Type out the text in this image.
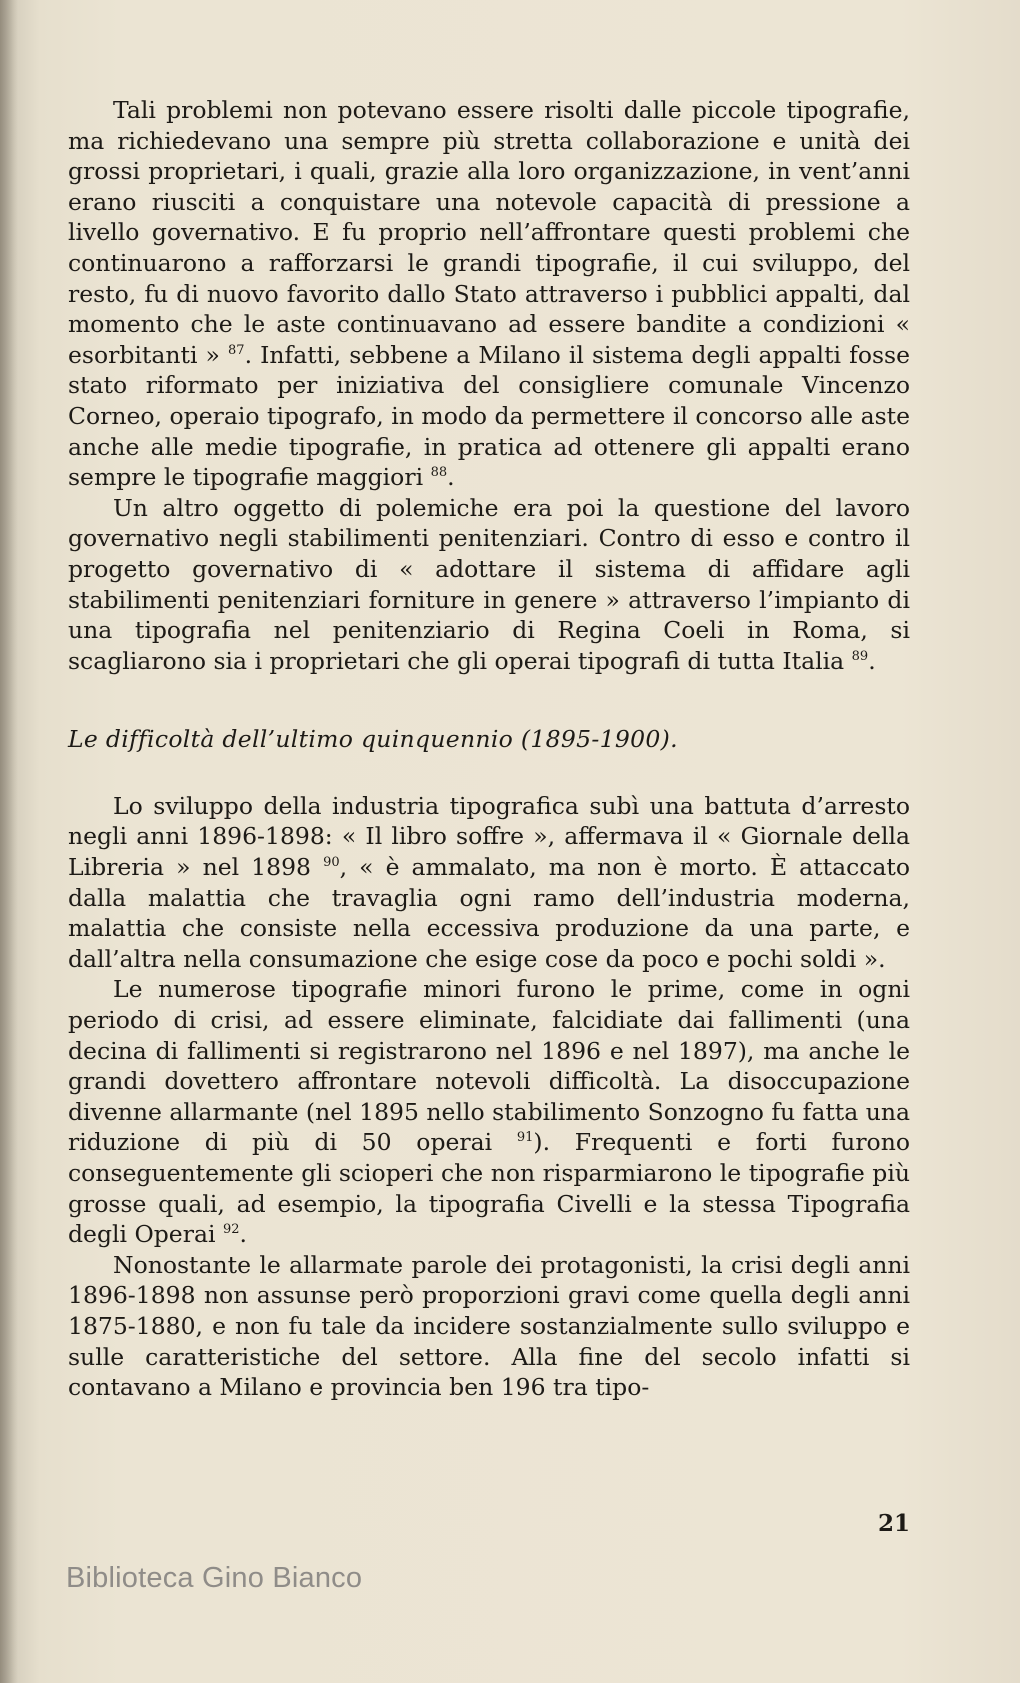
Tali problemi non potevano essere risolti dalle piccole tipografie, ma richiedevano una sempre più stretta collaborazione e unità dei grossi proprietari, i quali, grazie alla loro organizzazione, in vent’anni erano riusciti a conquistare una notevole capacità di pressione a livello governativo. E fu proprio nell’affrontare questi problemi che continuarono a rafforzarsi le grandi tipografie, il cui sviluppo, del resto, fu di nuovo favorito dallo Stato attraverso i pubblici appalti, dal momento che le aste continuavano ad essere bandite a condizioni « esorbitanti » $^{87}$. Infatti, sebbene a Milano il sistema degli appalti fosse stato riformato per iniziativa del consigliere comunale Vincenzo Corneo, operaio tipografo, in modo da permettere il concorso alle aste anche alle medie tipografie, in pratica ad ottenere gli appalti erano sempre le tipografie maggiori $^{88}$.

Un altro oggetto di polemiche era poi la questione del lavoro governativo negli stabilimenti penitenziari. Contro di esso e contro il progetto governativo di « adottare il sistema di affidare agli stabilimenti penitenziari forniture in genere » attraverso l’impianto di una tipografia nel penitenziario di Regina Coeli in Roma, si scagliarono sia i proprietari che gli operai tipografi di tutta Italia $^{89}$.

Le difficoltà dell’ultimo quinquennio (1895-1900).

Lo sviluppo della industria tipografica subì una battuta d’arresto negli anni 1896-1898: « Il libro soffre », affermava il « Giornale della Libreria » nel 1898 $^{90}$, « è ammalato, ma non è morto. È attaccato dalla malattia che travaglia ogni ramo dell’industria moderna, malattia che consiste nella eccessiva produzione da una parte, e dall’altra nella consumazione che esige cose da poco e pochi soldi ».

Le numerose tipografie minori furono le prime, come in ogni periodo di crisi, ad essere eliminate, falcidiate dai fallimenti (una decina di fallimenti si registrarono nel 1896 e nel 1897), ma anche le grandi dovettero affrontare notevoli difficoltà. La disoccupazione divenne allarmante (nel 1895 nello stabilimento Sonzogno fu fatta una riduzione di più di 50 operai $^{91}$). Frequenti e forti furono conseguentemente gli scioperi che non risparmiarono le tipografie più grosse quali, ad esempio, la tipografia Civelli e la stessa Tipografia degli Operai $^{92}$.

Nonostante le allarmate parole dei protagonisti, la crisi degli anni 1896-1898 non assunse però proporzioni gravi come quella degli anni 1875-1880, e non fu tale da incidere sostanzialmente sullo sviluppo e sulle caratteristiche del settore. Alla fine del secolo infatti si contavano a Milano e provincia ben 196 tra tipo-

21
Biblioteca Gino Bianco
